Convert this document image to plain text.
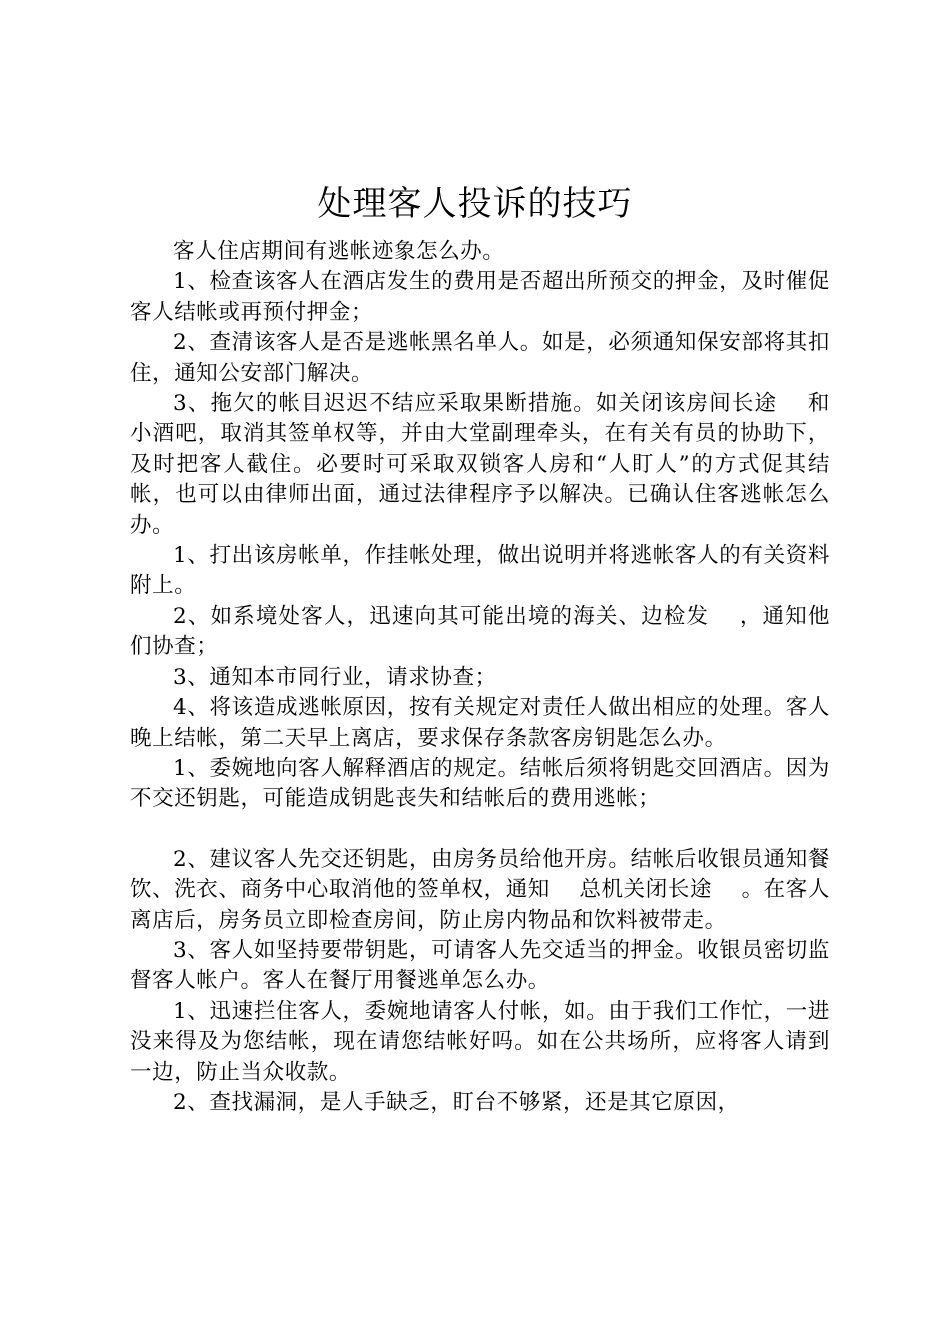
处理客人投诉的技巧

客人住店期间有逃帐迹象怎么办。

1、检查该客人在酒店发生的费用是否超出所预交的押金，及时催促客人结帐或再预付押金；

2、查清该客人是否是逃帐黑名单人。如是，必须通知保安部将其扣住，通知公安部门解决。

3、拖欠的帐目迟迟不结应采取果断措施。如关闭该房间长途　 和小酒吧，取消其签单权等，并由大堂副理牵头，在有关有员的协助下，及时把客人截住。必要时可采取双锁客人房和“人盯人”的方式促其结帐，也可以由律师出面，通过法律程序予以解决。已确认住客逃帐怎么办。

1、打出该房帐单，作挂帐处理，做出说明并将逃帐客人的有关资料附上。

2、如系境处客人，迅速向其可能出境的海关、边检发　 ，通知他们协查；

3、通知本市同行业，请求协查；

4、将该造成逃帐原因，按有关规定对责任人做出相应的处理。客人晚上结帐，第二天早上离店，要求保存条款客房钥匙怎么办。

1、委婉地向客人解释酒店的规定。结帐后须将钥匙交回酒店。因为不交还钥匙，可能造成钥匙丧失和结帐后的费用逃帐；

2、建议客人先交还钥匙，由房务员给他开房。结帐后收银员通知餐饮、洗衣、商务中心取消他的签单权，通知　 总机关闭长途　 。在客人离店后，房务员立即检查房间，防止房内物品和饮料被带走。

3、客人如坚持要带钥匙，可请客人先交适当的押金。收银员密切监督客人帐户。客人在餐厅用餐逃单怎么办。

1、迅速拦住客人，委婉地请客人付帐，如。由于我们工作忙，一进没来得及为您结帐，现在请您结帐好吗。如在公共场所，应将客人请到一边，防止当众收款。

2、查找漏洞，是人手缺乏，盯台不够紧，还是其它原因，
